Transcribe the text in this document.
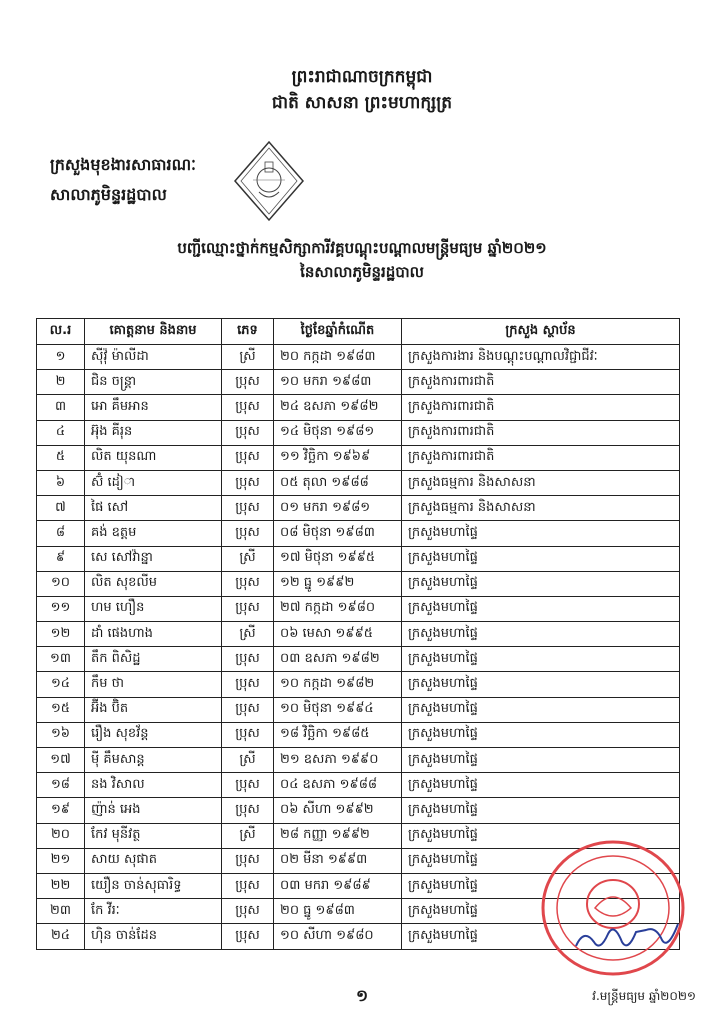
ព្រះរាជាណាចក្រកម្ពុជា
ជាតិ សាសនា ព្រះមហាក្សត្រ
ក្រសួងមុខងារសាធារណៈ
សាលាភូមិន្ទរដ្ឋបាល
បញ្ជីឈ្មោះថ្នាក់កម្មសិក្សាការីវគ្គបណ្តុះបណ្តាលមន្ត្រីមធ្យម ឆ្នាំ២០២១
នៃសាលាភូមិន្ទរដ្ឋបាល
ល.រ	គោត្តនាម និងនាម	ភេទ	ថ្ងៃខែឆ្នាំកំណើត	ក្រសួង ស្ថាប័ន
១	ស៊ីវ៉ុ ម៉ាលីដា	ស្រី	២០ កក្កដា ១៩៨៣	ក្រសួងការងារ និងបណ្តុះបណ្តាលវិជ្ជាជីវៈ
២	ជិន ចន្ត្រា	ប្រុស	១០ មករា ១៩៨៣	ក្រសួងការពារជាតិ
៣	អោ គឹមអាន	ប្រុស	២៤ ឧសភា ១៩៨២	ក្រសួងការពារជាតិ
៤	អ៊ុង គីរុន	ប្រុស	១៤ មិថុនា ១៩៨១	ក្រសួងការពារជាតិ
៥	លិត យុនណា	ប្រុស	១១ វិច្ឆិកា ១៩៦៩	ក្រសួងការពារជាតិ
៦	ស៊ំ ដៀា	ប្រុស	០៥ តុលា ១៩៨៨	ក្រសួងធម្មការ និងសាសនា
៧	ផៃ សៅ	ប្រុស	០១ មករា ១៩៨១	ក្រសួងធម្មការ និងសាសនា
៨	គង់ ឧត្តម	ប្រុស	០៨ មិថុនា ១៩៨៣	ក្រសួងមហាផ្ទៃ
៩	សេ សៅវ៉ាន្នា	ស្រី	១៧ មិថុនា ១៩៩៥	ក្រសួងមហាផ្ទៃ
១០	លិត សុខលីម	ប្រុស	១២ ធ្នូ ១៩៩២	ក្រសួងមហាផ្ទៃ
១១	ហម ហឿន	ប្រុស	២៧ កក្កដា ១៩៨០	ក្រសួងមហាផ្ទៃ
១២	ដាំ ផេងហាង	ស្រី	០៦ មេសា ១៩៩៥	ក្រសួងមហាផ្ទៃ
១៣	តឹក ពិសិដ្ឋ	ប្រុស	០៣ ឧសភា ១៩៨២	ក្រសួងមហាផ្ទៃ
១៤	កឹម ថា	ប្រុស	១០ កក្កដា ១៩៨២	ក្រសួងមហាផ្ទៃ
១៥	អ៊ីង ប៊ិត	ប្រុស	១០ មិថុនា ១៩៩៤	ក្រសួងមហាផ្ទៃ
១៦	រឿង សុខវ័ន្ត	ប្រុស	១៨ វិច្ឆិកា ១៩៨៥	ក្រសួងមហាផ្ទៃ
១៧	ម៉ី គឹមសាន្ត	ស្រី	២១ ឧសភា ១៩៩០	ក្រសួងមហាផ្ទៃ
១៨	នង វិសាល	ប្រុស	០៤ ឧសភា ១៩៨៨	ក្រសួងមហាផ្ទៃ
១៩	ញ៉ាន់ អេង	ប្រុស	០៦ សីហា ១៩៩២	ក្រសួងមហាផ្ទៃ
២០	កែវ មុនីវត្ថ	ស្រី	២៨ កញ្ញា ១៩៩២	ក្រសួងមហាផ្ទៃ
២១	សាយ សុផាត	ប្រុស	០២ មីនា ១៩៩៣	ក្រសួងមហាផ្ទៃ
២២	យឿន ចាន់សុធារិទ្ធ	ប្រុស	០៣ មករា ១៩៨៩	ក្រសួងមហាផ្ទៃ
២៣	កែ វីរៈ	ប្រុស	២០ ធ្នូ ១៩៨៣	ក្រសួងមហាផ្ទៃ
២៤	ហ៊ិន ចាន់ដែន	ប្រុស	១០ សីហា ១៩៨០	ក្រសួងមហាផ្ទៃ
១	វ.មន្ត្រីមធ្យម ឆ្នាំ២០២១
